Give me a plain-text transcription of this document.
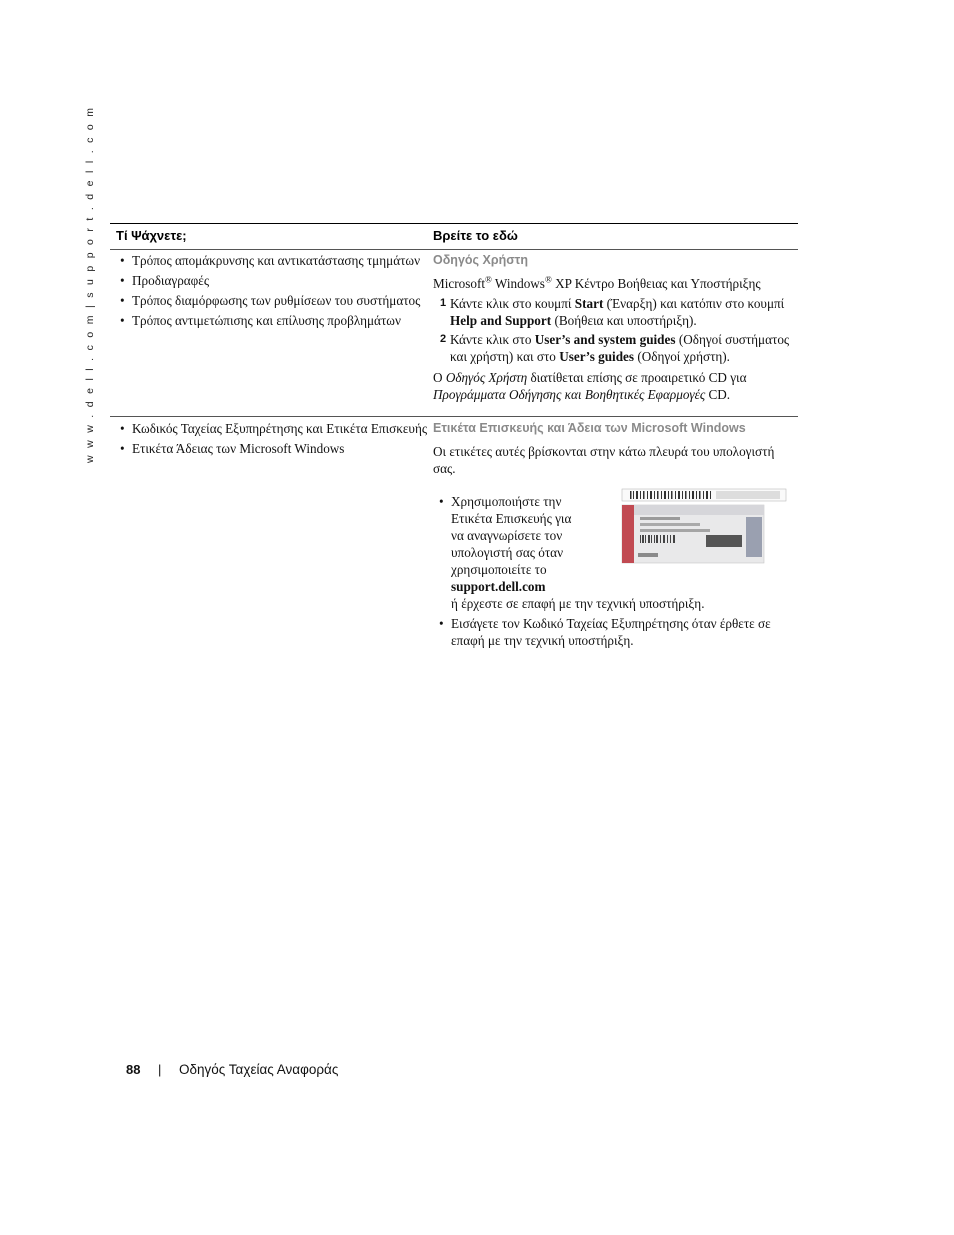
w w w . d e l l . c o m | s u p p o r t . d e l l . c o m	Τί Ψάχνετε;	Βρείτε το εδώ
• Τρόπος απομάκρυνσης και αντικατάστασης τμημάτων
• Προδιαγραφές
• Τρόπος διαμόρφωσης των ρυθμίσεων του συστήματος
• Τρόπος αντιμετώπισης και επίλυσης προβλημάτων
Οδηγός Χρήστη
Microsoft® Windows® XP Κέντρο Βοήθειας και Υποστήριξης
1 Κάντε κλικ στο κουμπί Start (Έναρξη) και κατόπιν στο κουμπί Help and Support (Βοήθεια και υποστήριξη).
2 Κάντε κλικ στο User’s and system guides (Οδηγοί συστήματος και χρήστη) και στο User’s guides (Οδηγοί χρήστη).
Ο Οδηγός Χρήστη διατίθεται επίσης σε προαιρετικό CD για Προγράμματα Οδήγησης και Βοηθητικές Εφαρμογές CD.
• Κωδικός Ταχείας Εξυπηρέτησης και Ετικέτα Επισκευής
• Ετικέτα Άδειας των Microsoft Windows
Ετικέτα Επισκευής και Άδεια των Microsoft Windows
Οι ετικέτες αυτές βρίσκονται στην κάτω πλευρά του υπολογιστή σας.
• Χρησιμοποιήστε την Ετικέτα Επισκευής για να αναγνωρίσετε τον υπολογιστή σας όταν χρησιμοποιείτε το support.dell.com
ή έρχεστε σε επαφή με την τεχνική υποστήριξη.
• Εισάγετε τον Κωδικό Ταχείας Εξυπηρέτησης όταν έρθετε σε επαφή με την τεχνική υποστήριξη.
88 | Οδηγός Ταχείας Αναφοράς
